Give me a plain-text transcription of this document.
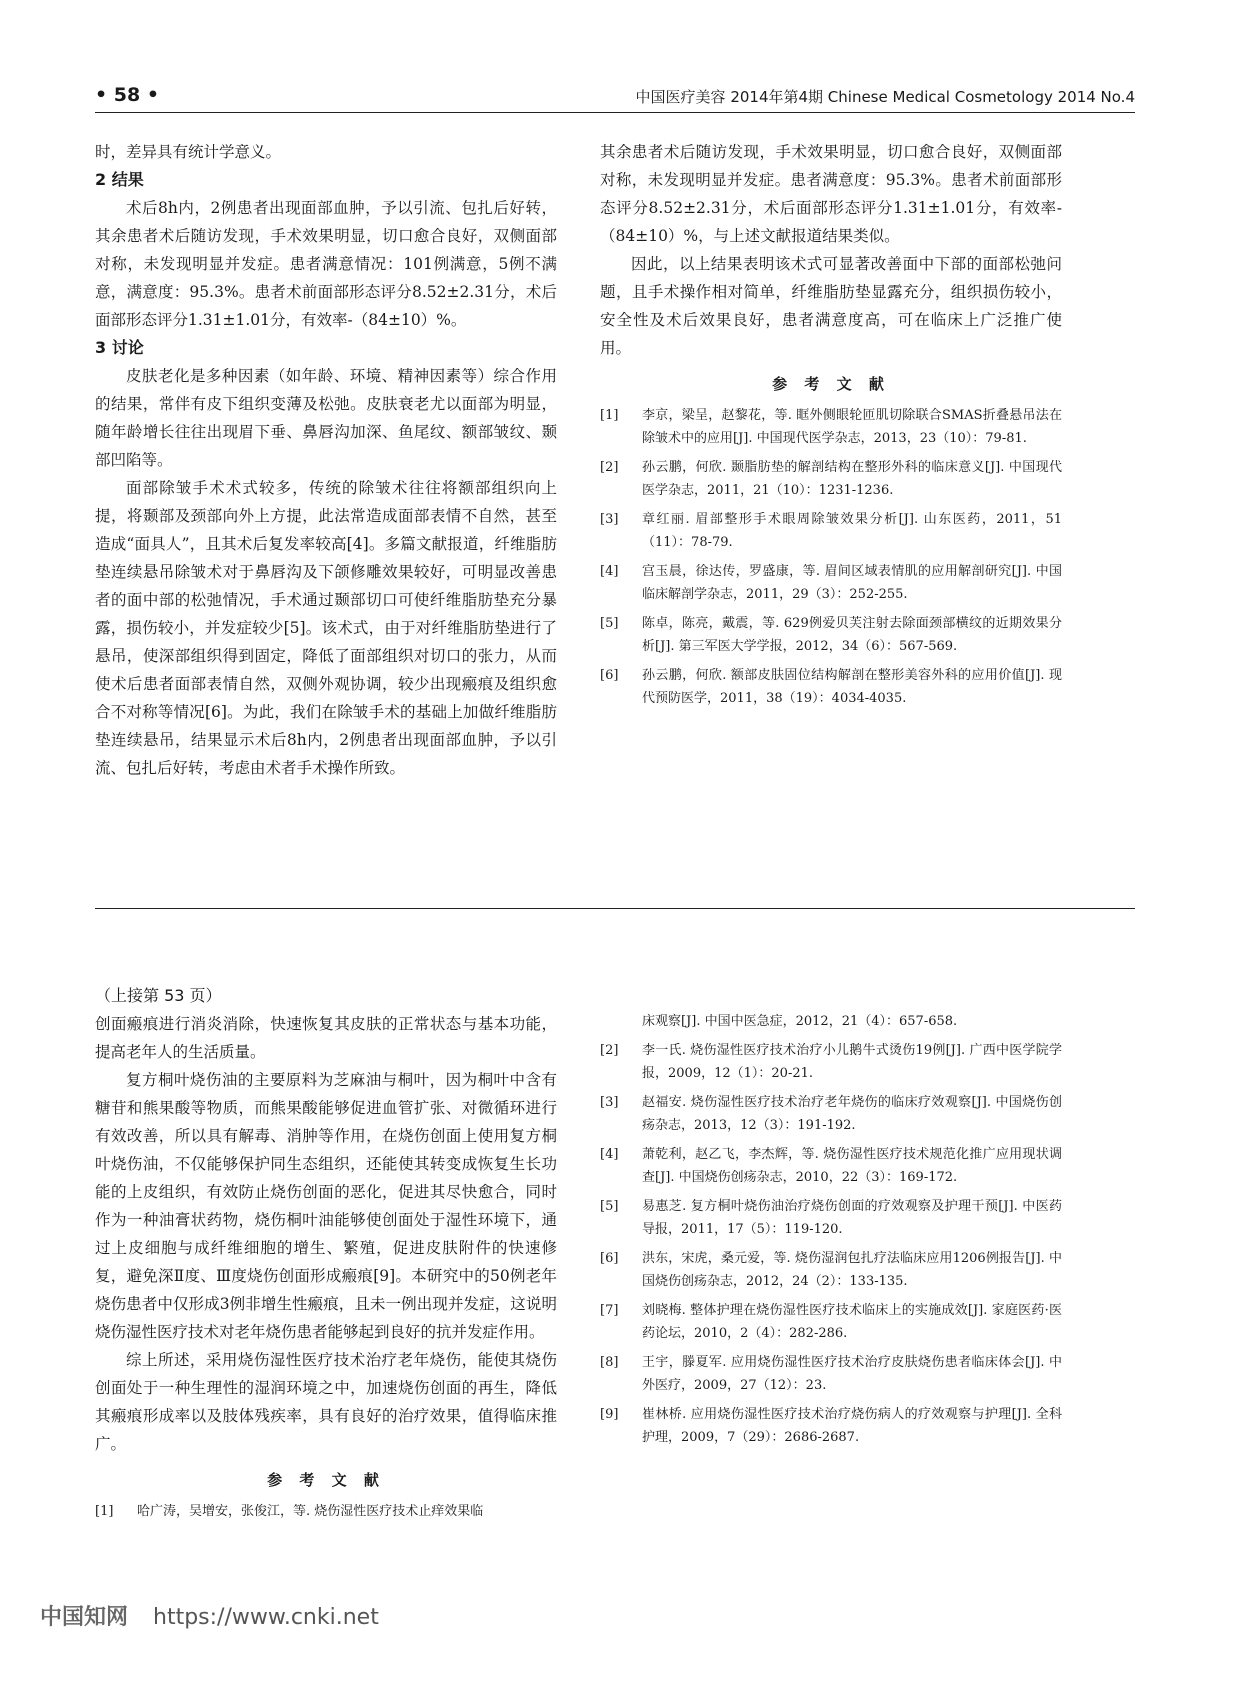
• 58 •	中国医疗美容 2014年第4期 Chinese Medical Cosmetology 2014 No.4

时，差异具有统计学意义。

2 结果

术后8h内，2例患者出现面部血肿，予以引流、包扎后好转，其余患者术后随访发现，手术效果明显，切口愈合良好，双侧面部对称，未发现明显并发症。患者满意情况：101例满意，5例不满意，满意度：95.3%。患者术前面部形态评分8.52±2.31分，术后面部形态评分1.31±1.01分，有效率-（84±10）%。

3 讨论

皮肤老化是多种因素（如年龄、环境、精神因素等）综合作用的结果，常伴有皮下组织变薄及松弛。皮肤衰老尤以面部为明显，随年龄增长往往出现眉下垂、鼻唇沟加深、鱼尾纹、额部皱纹、颞部凹陷等。

面部除皱手术术式较多，传统的除皱术往往将额部组织向上提，将颞部及颈部向外上方提，此法常造成面部表情不自然，甚至造成“面具人”，且其术后复发率较高[4]。多篇文献报道，纤维脂肪垫连续悬吊除皱术对于鼻唇沟及下颌修雕效果较好，可明显改善患者的面中部的松弛情况，手术通过颞部切口可使纤维脂肪垫充分暴露，损伤较小，并发症较少[5]。该术式，由于对纤维脂肪垫进行了悬吊，使深部组织得到固定，降低了面部组织对切口的张力，从而使术后患者面部表情自然，双侧外观协调，较少出现瘢痕及组织愈合不对称等情况[6]。为此，我们在除皱手术的基础上加做纤维脂肪垫连续悬吊，结果显示术后8h内，2例患者出现面部血肿，予以引流、包扎后好转，考虑由术者手术操作所致。

其余患者术后随访发现，手术效果明显，切口愈合良好，双侧面部对称，未发现明显并发症。患者满意度：95.3%。患者术前面部形态评分8.52±2.31分，术后面部形态评分1.31±1.01分，有效率-（84±10）%，与上述文献报道结果类似。

因此，以上结果表明该术式可显著改善面中下部的面部松弛问题，且手术操作相对简单，纤维脂肪垫显露充分，组织损伤较小，安全性及术后效果良好，患者满意度高，可在临床上广泛推广使用。

参 考 文 献
[1]	李京，梁呈，赵黎花，等. 眶外侧眼轮匝肌切除联合SMAS折叠悬吊法在除皱术中的应用[J]. 中国现代医学杂志，2013，23（10）：79-81.
[2]	孙云鹏，何欣. 颞脂肪垫的解剖结构在整形外科的临床意义[J]. 中国现代医学杂志，2011，21（10）：1231-1236.
[3]	章红丽. 眉部整形手术眼周除皱效果分析[J]. 山东医药，2011，51（11）：78-79.
[4]	宫玉晨，徐达传，罗盛康，等. 眉间区域表情肌的应用解剖研究[J]. 中国临床解剖学杂志，2011，29（3）：252-255.
[5]	陈卓，陈亮，戴震，等. 629例爱贝芙注射去除面颈部横纹的近期效果分析[J]. 第三军医大学学报，2012，34（6）：567-569.
[6]	孙云鹏，何欣. 额部皮肤固位结构解剖在整形美容外科的应用价值[J]. 现代预防医学，2011，38（19）：4034-4035.
（上接第 53 页）

创面瘢痕进行消炎消除，快速恢复其皮肤的正常状态与基本功能，提高老年人的生活质量。

复方桐叶烧伤油的主要原料为芝麻油与桐叶，因为桐叶中含有糖苷和熊果酸等物质，而熊果酸能够促进血管扩张、对微循环进行有效改善，所以具有解毒、消肿等作用，在烧伤创面上使用复方桐叶烧伤油，不仅能够保护同生态组织，还能使其转变成恢复生长功能的上皮组织，有效防止烧伤创面的恶化，促进其尽快愈合，同时作为一种油膏状药物，烧伤桐叶油能够使创面处于湿性环境下，通过上皮细胞与成纤维细胞的增生、繁殖，促进皮肤附件的快速修复，避免深Ⅱ度、Ⅲ度烧伤创面形成瘢痕[9]。本研究中的50例老年烧伤患者中仅形成3例非增生性瘢痕，且未一例出现并发症，这说明烧伤湿性医疗技术对老年烧伤患者能够起到良好的抗并发症作用。

综上所述，采用烧伤湿性医疗技术治疗老年烧伤，能使其烧伤创面处于一种生理性的湿润环境之中，加速烧伤创面的再生，降低其瘢痕形成率以及肢体残疾率，具有良好的治疗效果，值得临床推广。

参 考 文 献
[1]	哈广涛，吴增安，张俊江，等. 烧伤湿性医疗技术止痒效果临
床观察[J]. 中国中医急症，2012，21（4）：657-658.
[2]	李一氏. 烧伤湿性医疗技术治疗小儿鹅牛式烫伤19例[J]. 广西中医学院学报，2009，12（1）：20-21.
[3]	赵福安. 烧伤湿性医疗技术治疗老年烧伤的临床疗效观察[J]. 中国烧伤创疡杂志，2013，12（3）：191-192.
[4]	萧乾利，赵乙飞，李杰辉，等. 烧伤湿性医疗技术规范化推广应用现状调查[J]. 中国烧伤创疡杂志，2010，22（3）：169-172.
[5]	易惠芝. 复方桐叶烧伤油治疗烧伤创面的疗效观察及护理干预[J]. 中医药导报，2011，17（5）：119-120.
[6]	洪东，宋虎，桑元爱，等. 烧伤湿润包扎疗法临床应用1206例报告[J]. 中国烧伤创疡杂志，2012，24（2）：133-135.
[7]	刘晓梅. 整体护理在烧伤湿性医疗技术临床上的实施成效[J]. 家庭医药·医药论坛，2010，2（4）：282-286.
[8]	王宇，滕夏军. 应用烧伤湿性医疗技术治疗皮肤烧伤患者临床体会[J]. 中外医疗，2009，27（12）：23.
[9]	崔林桥. 应用烧伤湿性医疗技术治疗烧伤病人的疗效观察与护理[J]. 全科护理，2009，7（29）：2686-2687.
中国知网 https://www.cnki.net
